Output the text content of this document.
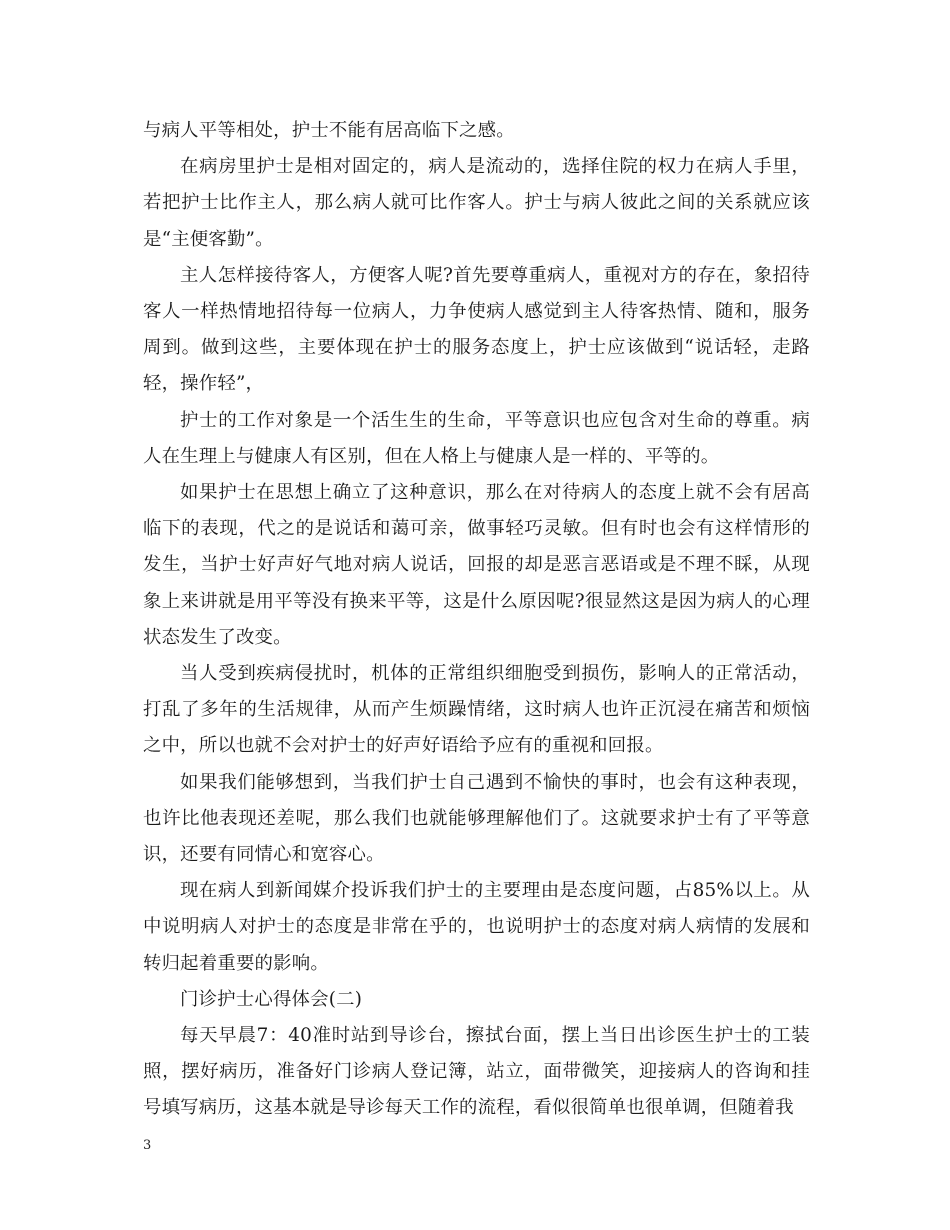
与病人平等相处，护士不能有居高临下之感。

在病房里护士是相对固定的，病人是流动的，选择住院的权力在病人手里，若把护士比作主人，那么病人就可比作客人。护士与病人彼此之间的关系就应该是“主便客勤”。

主人怎样接待客人，方便客人呢?首先要尊重病人，重视对方的存在，象招待客人一样热情地招待每一位病人，力争使病人感觉到主人待客热情、随和，服务周到。做到这些，主要体现在护士的服务态度上，护士应该做到“说话轻，走路轻，操作轻”，

护士的工作对象是一个活生生的生命，平等意识也应包含对生命的尊重。病人在生理上与健康人有区别，但在人格上与健康人是一样的、平等的。

如果护士在思想上确立了这种意识，那么在对待病人的态度上就不会有居高临下的表现，代之的是说话和蔼可亲，做事轻巧灵敏。但有时也会有这样情形的发生，当护士好声好气地对病人说话，回报的却是恶言恶语或是不理不睬，从现象上来讲就是用平等没有换来平等，这是什么原因呢?很显然这是因为病人的心理状态发生了改变。

当人受到疾病侵扰时，机体的正常组织细胞受到损伤，影响人的正常活动，打乱了多年的生活规律，从而产生烦躁情绪，这时病人也许正沉浸在痛苦和烦恼之中，所以也就不会对护士的好声好语给予应有的重视和回报。

如果我们能够想到，当我们护士自己遇到不愉快的事时，也会有这种表现，也许比他表现还差呢，那么我们也就能够理解他们了。这就要求护士有了平等意识，还要有同情心和宽容心。

现在病人到新闻媒介投诉我们护士的主要理由是态度问题，占85%以上。从中说明病人对护士的态度是非常在乎的，也说明护士的态度对病人病情的发展和转归起着重要的影响。

门诊护士心得体会(二)

每天早晨7：40准时站到导诊台，擦拭台面，摆上当日出诊医生护士的工装照，摆好病历，准备好门诊病人登记簿，站立，面带微笑，迎接病人的咨询和挂号填写病历，这基本就是导诊每天工作的流程，看似很简单也很单调，但随着我

3
